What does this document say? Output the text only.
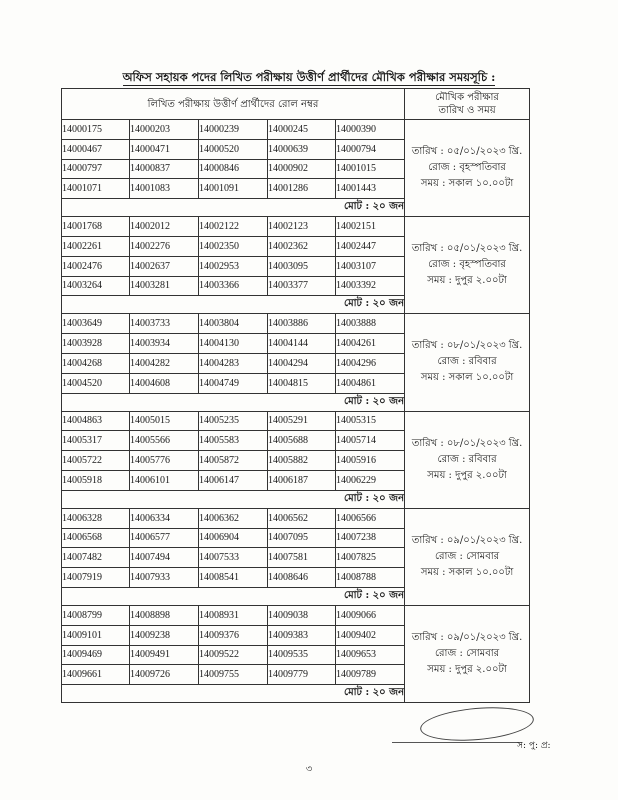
অফিস সহায়ক পদের লিখিত পরীক্ষায় উত্তীর্ণ প্রার্থীদের মৌখিক পরীক্ষার সময়সূচি :
লিখিত পরীক্ষায় উত্তীর্ণ প্রার্থীদের রোল নম্বর					মৌখিক পরীক্ষার
তারিখ ও সময়

14000175	14000203	14000239	14000245	14000390	তারিখ : ০৫/০১/২০২৩ খ্রি.
রোজ : বৃহস্পতিবার
সময় : সকাল ১০.০০টা

14000467	14000471	14000520	14000639	14000794	
14000797	14000837	14000846	14000902	14001015	
14001071	14001083	14001091	14001286	14001443	
মোট : ২০ জন					
14001768	14002012	14002122	14002123	14002151	তারিখ : ০৫/০১/২০২৩ খ্রি.
রোজ : বৃহস্পতিবার
সময় : দুপুর ২.০০টা

14002261	14002276	14002350	14002362	14002447	
14002476	14002637	14002953	14003095	14003107	
14003264	14003281	14003366	14003377	14003392	
মোট : ২০ জন					
14003649	14003733	14003804	14003886	14003888	তারিখ : ০৮/০১/২০২৩ খ্রি.
রোজ : রবিবার
সময় : সকাল ১০.০০টা

14003928	14003934	14004130	14004144	14004261	
14004268	14004282	14004283	14004294	14004296	
14004520	14004608	14004749	14004815	14004861	
মোট : ২০ জন					
14004863	14005015	14005235	14005291	14005315	তারিখ : ০৮/০১/২০২৩ খ্রি.
রোজ : রবিবার
সময় : দুপুর ২.০০টা

14005317	14005566	14005583	14005688	14005714	
14005722	14005776	14005872	14005882	14005916	
14005918	14006101	14006147	14006187	14006229	
মোট : ২০ জন					
14006328	14006334	14006362	14006562	14006566	তারিখ : ০৯/০১/২০২৩ খ্রি.
রোজ : সোমবার
সময় : সকাল ১০.০০টা

14006568	14006577	14006904	14007095	14007238	
14007482	14007494	14007533	14007581	14007825	
14007919	14007933	14008541	14008646	14008788	
মোট : ২০ জন					
14008799	14008898	14008931	14009038	14009066	তারিখ : ০৯/০১/২০২৩ খ্রি.
রোজ : সোমবার
সময় : দুপুর ২.০০টা

14009101	14009238	14009376	14009383	14009402	
14009469	14009491	14009522	14009535	14009653	
14009661	14009726	14009755	14009779	14009789	
মোট : ২০ জন					
স: পু: প্র:
৩
